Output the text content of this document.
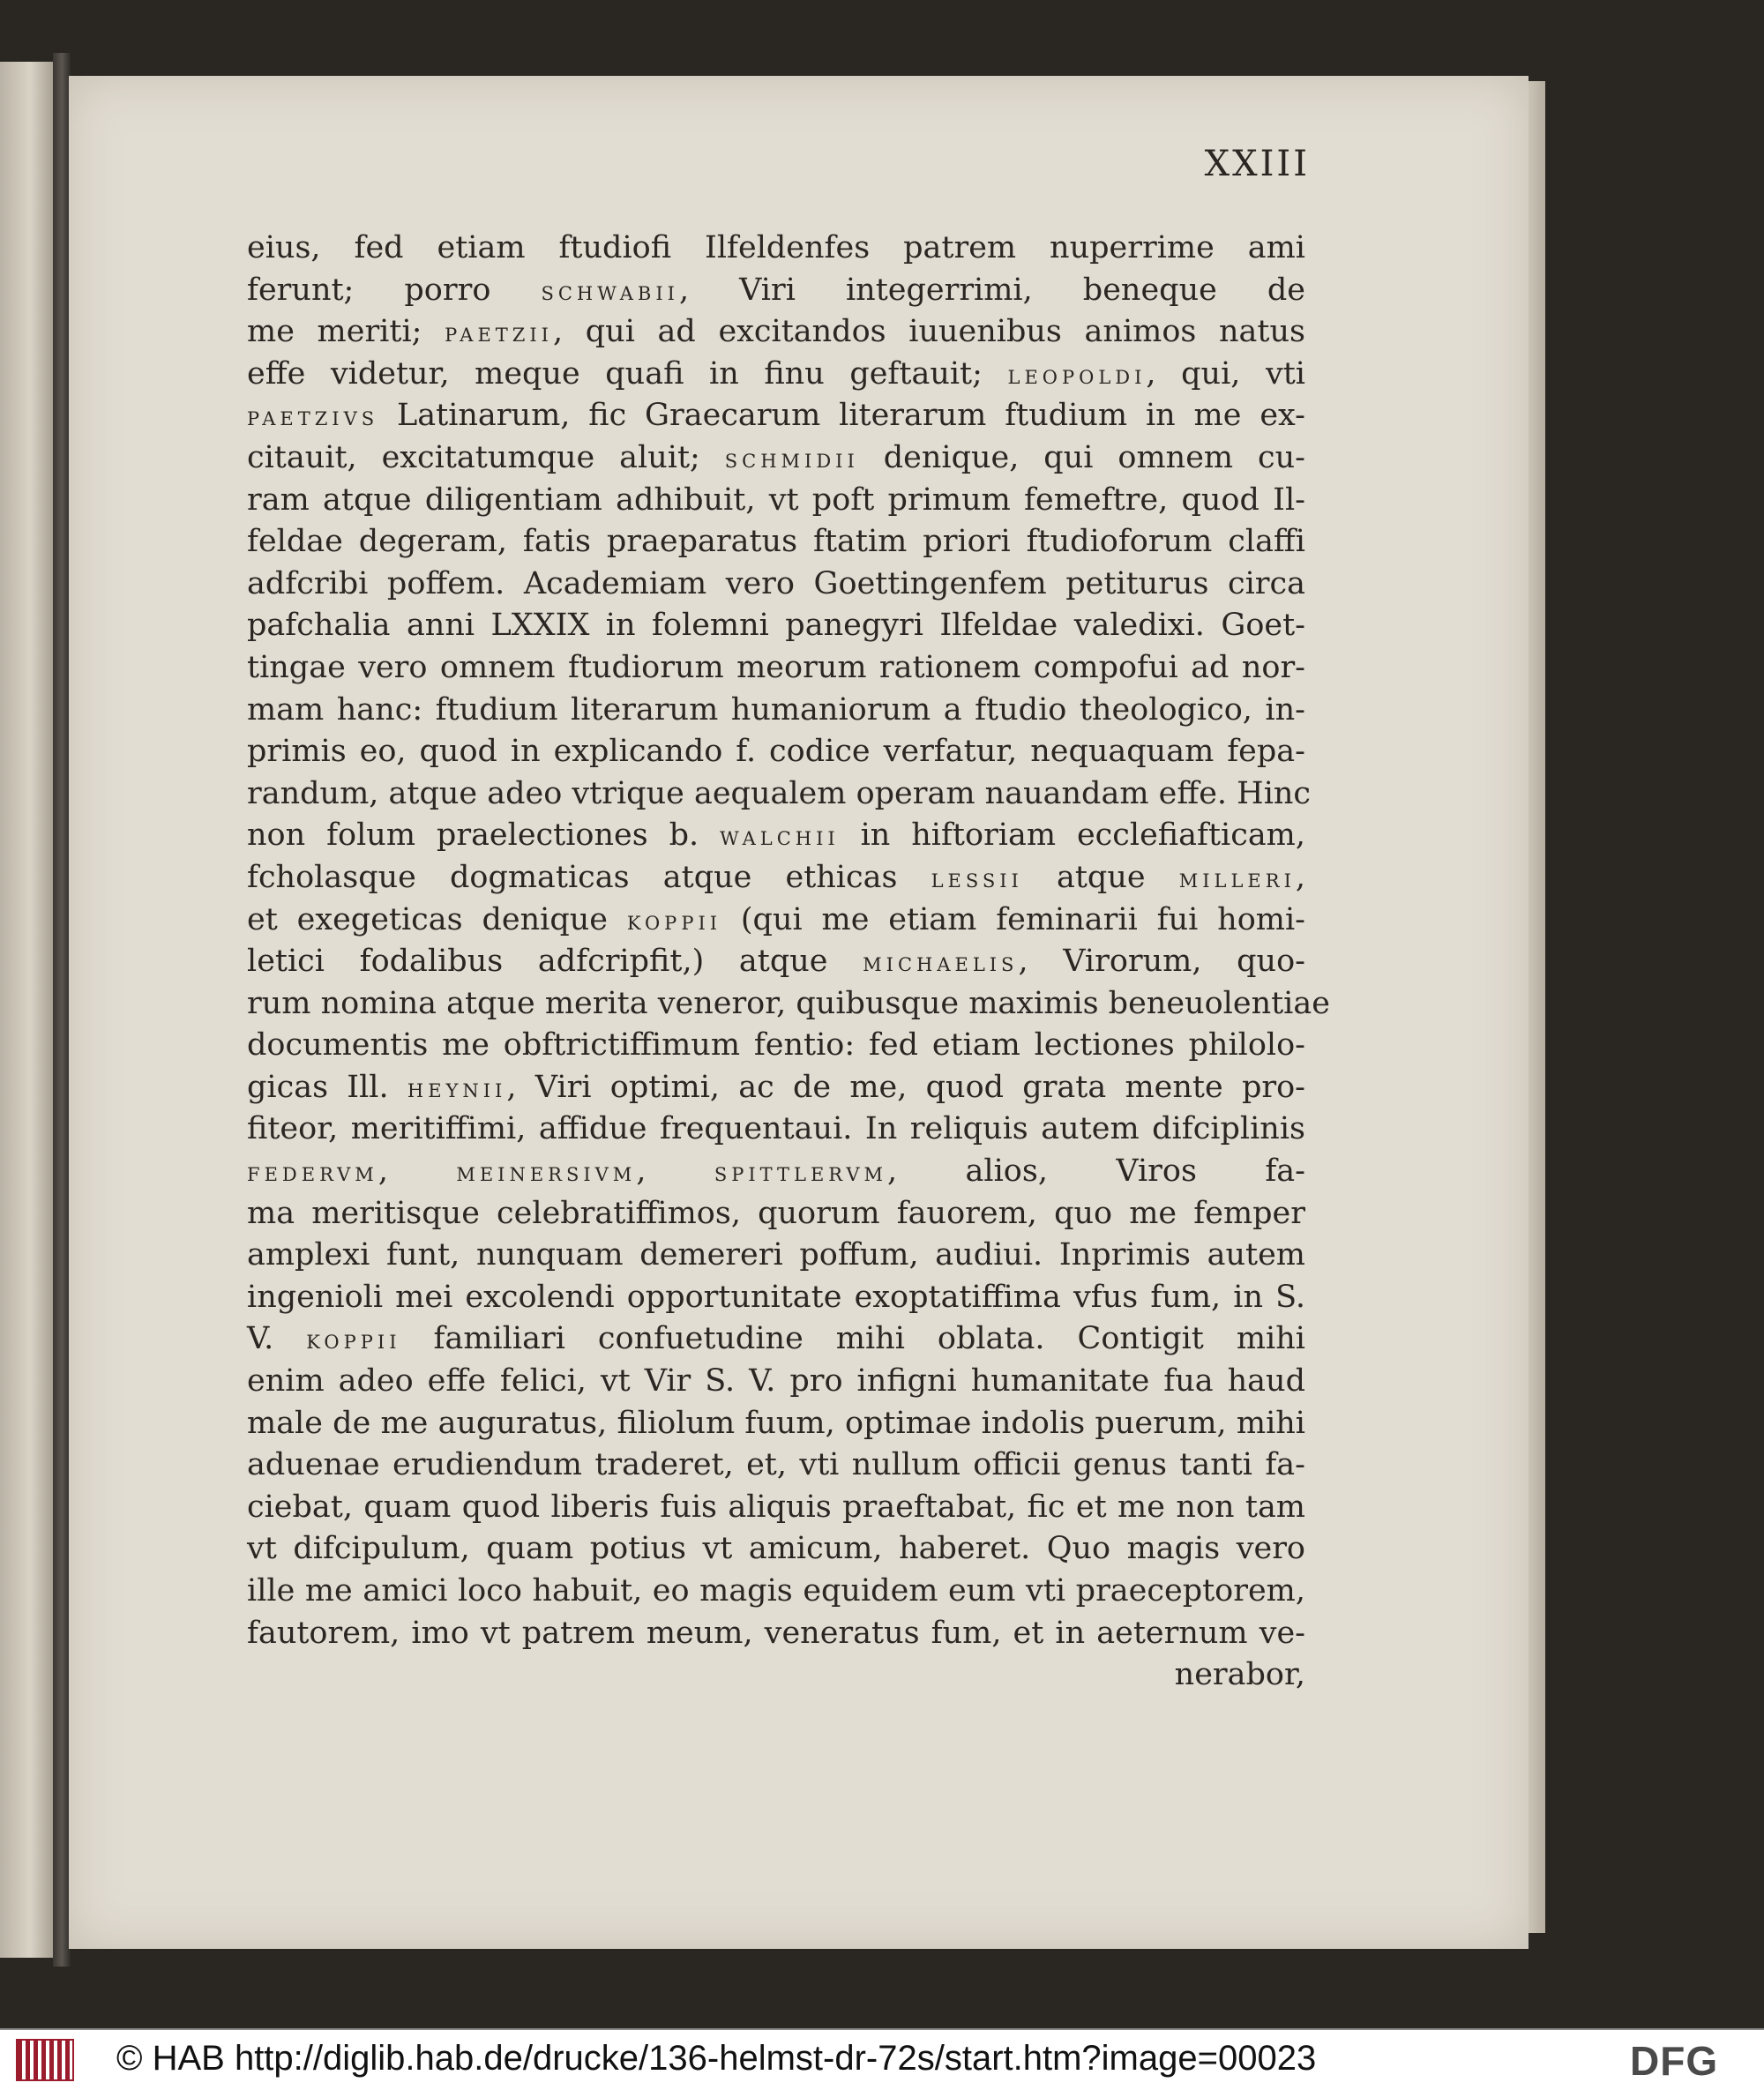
XXIII
eius, fed etiam ftudiofi Ilfeldenfes patrem nuperrime ami
ferunt; porro SCHWABII, Viri integerrimi, beneque de
me meriti; PAETZII, qui ad excitandos iuuenibus animos natus
effe videtur, meque quafi in finu geftauit; LEOPOLDI, qui, vti
PAETZIVS Latinarum, fic Graecarum literarum ftudium in me ex-
citauit, excitatumque aluit; SCHMIDII denique, qui omnem cu-
ram atque diligentiam adhibuit, vt poft primum femeftre, quod Il-
feldae degeram, fatis praeparatus ftatim priori ftudioforum claffi
adfcribi poffem. Academiam vero Goettingenfem petiturus circa
pafchalia anni LXXIX in folemni panegyri Ilfeldae valedixi. Goet-
tingae vero omnem ftudiorum meorum rationem compofui ad nor-
mam hanc: ftudium literarum humaniorum a ftudio theologico, in-
primis eo, quod in explicando f. codice verfatur, nequaquam fepa-
randum, atque adeo vtrique aequalem operam nauandam effe. Hinc
non folum praelectiones b. WALCHII in hiftoriam ecclefiafticam,
fcholasque dogmaticas atque ethicas LESSII atque MILLERI,
et exegeticas denique KOPPII (qui me etiam feminarii fui homi-
letici fodalibus adfcripfit,) atque MICHAELIS, Virorum, quo-
rum nomina atque merita veneror, quibusque maximis beneuolentiae
documentis me obftrictiffimum fentio: fed etiam lectiones philolo-
gicas Ill. HEYNII, Viri optimi, ac de me, quod grata mente pro-
fiteor, meritiffimi, affidue frequentaui. In reliquis autem difciplinis
FEDERVM, MEINERSIVM, SPITTLERVM, alios, Viros fa-
ma meritisque celebratiffimos, quorum fauorem, quo me femper
amplexi funt, nunquam demereri poffum, audiui. Inprimis autem
ingenioli mei excolendi opportunitate exoptatiffima vfus fum, in S.
V. KOPPII familiari confuetudine mihi oblata. Contigit mihi
enim adeo effe felici, vt Vir S. V. pro infigni humanitate fua haud
male de me auguratus, filiolum fuum, optimae indolis puerum, mihi
aduenae erudiendum traderet, et, vti nullum officii genus tanti fa-
ciebat, quam quod liberis fuis aliquis praeftabat, fic et me non tam
vt difcipulum, quam potius vt amicum, haberet. Quo magis vero
ille me amici loco habuit, eo magis equidem eum vti praeceptorem,
fautorem, imo vt patrem meum, veneratus fum, et in aeternum ve-
nerabor,
© HAB http://diglib.hab.de/drucke/136-helmst-dr-72s/start.htm?image=00023	DFG
